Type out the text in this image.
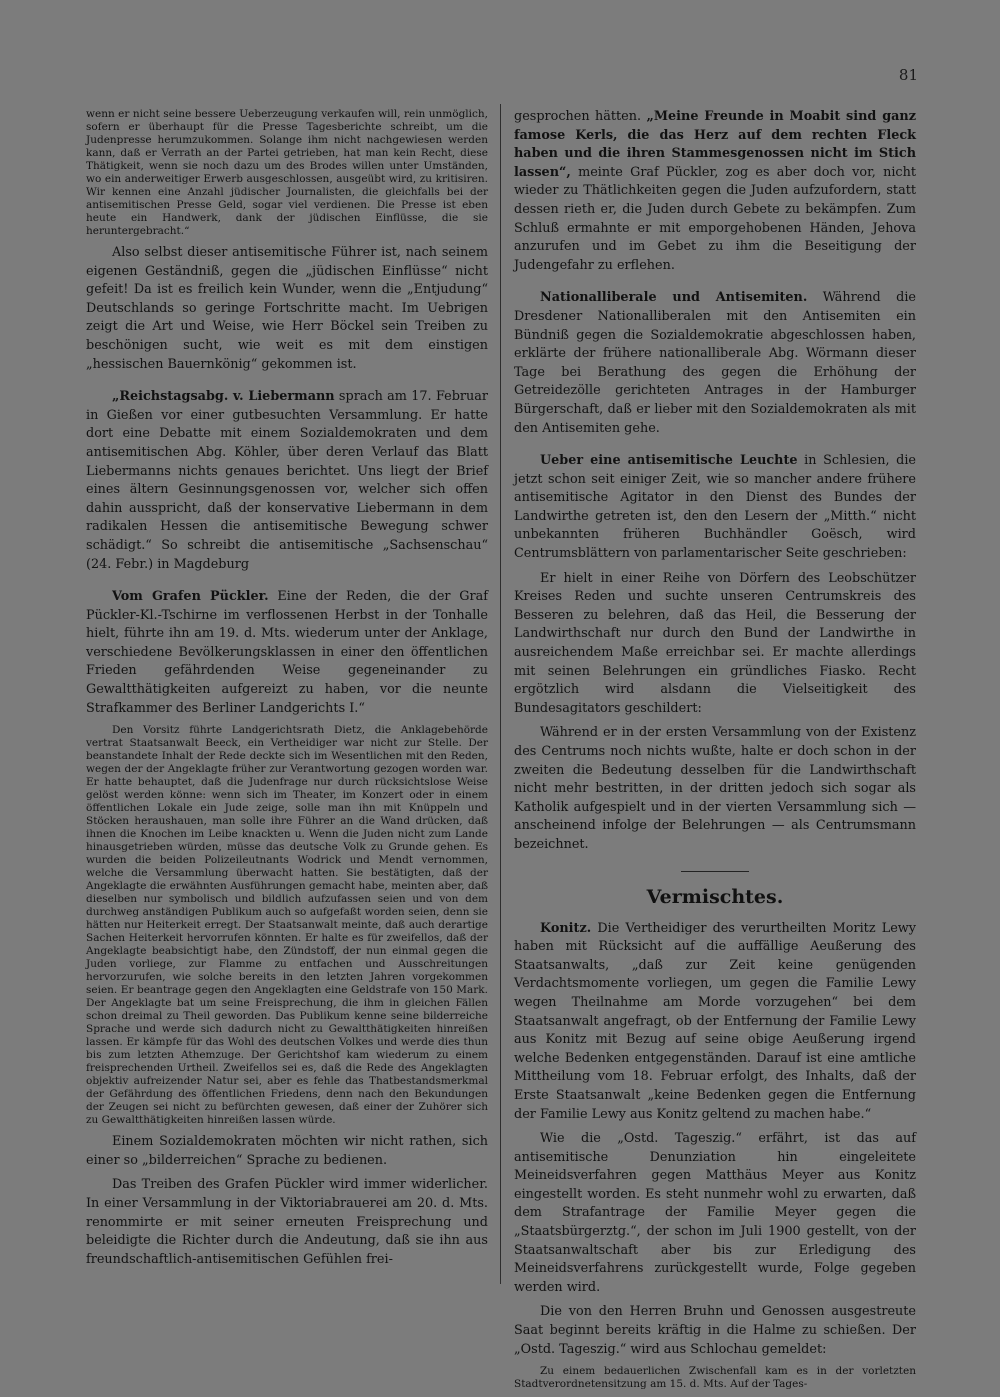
81

wenn er nicht seine bessere Ueberzeugung verkaufen will, rein unmöglich, sofern er überhaupt für die Presse Tagesberichte schreibt, um die Judenpresse herumzukommen. Solange ihm nicht nachgewiesen werden kann, daß er Verrath an der Partei getrieben, hat man kein Recht, diese Thätigkeit, wenn sie noch dazu um des Brodes willen unter Umständen, wo ein anderweitiger Erwerb ausgeschlossen, ausgeübt wird, zu kritisiren. Wir kennen eine Anzahl jüdischer Journalisten, die gleichfalls bei der antisemitischen Presse Geld, sogar viel verdienen. Die Presse ist eben heute ein Handwerk, dank der jüdischen Einflüsse, die sie heruntergebracht.“

Also selbst dieser antisemitische Führer ist, nach seinem eigenen Geständniß, gegen die „jüdischen Einflüsse“ nicht gefeit! Da ist es freilich kein Wunder, wenn die „Entjudung“ Deutschlands so geringe Fortschritte macht. Im Uebrigen zeigt die Art und Weise, wie Herr Böckel sein Treiben zu beschönigen sucht, wie weit es mit dem einstigen „hessischen Bauernkönig“ gekommen ist.

„Reichstagsabg. v. Liebermann sprach am 17. Februar in Gießen vor einer gutbesuchten Versammlung. Er hatte dort eine Debatte mit einem Sozialdemokraten und dem antisemitischen Abg. Köhler, über deren Verlauf das Blatt Liebermanns nichts genaues berichtet. Uns liegt der Brief eines ältern Gesinnungsgenossen vor, welcher sich offen dahin ausspricht, daß der konservative Liebermann in dem radikalen Hessen die antisemitische Bewegung schwer schädigt.“ So schreibt die antisemitische „Sachsenschau“ (24. Febr.) in Magdeburg

Vom Grafen Pückler. Eine der Reden, die der Graf Pückler-Kl.-Tschirne im verflossenen Herbst in der Tonhalle hielt, führte ihn am 19. d. Mts. wiederum unter der Anklage, verschiedene Bevölkerungsklassen in einer den öffentlichen Frieden gefährdenden Weise gegeneinander zu Gewaltthätigkeiten aufgereizt zu haben, vor die neunte Strafkammer des Berliner Landgerichts I.“

Den Vorsitz führte Landgerichtsrath Dietz, die Anklagebehörde vertrat Staatsanwalt Beeck, ein Vertheidiger war nicht zur Stelle. Der beanstandete Inhalt der Rede deckte sich im Wesentlichen mit den Reden, wegen der der Angeklagte früher zur Verantwortung gezogen worden war. Er hatte behauptet, daß die Judenfrage nur durch rücksichtslose Weise gelöst werden könne: wenn sich im Theater, im Konzert oder in einem öffentlichen Lokale ein Jude zeige, solle man ihn mit Knüppeln und Stöcken heraushauen, man solle ihre Führer an die Wand drücken, daß ihnen die Knochen im Leibe knackten u. Wenn die Juden nicht zum Lande hinausgetrieben würden, müsse das deutsche Volk zu Grunde gehen. Es wurden die beiden Polizeileutnants Wodrick und Mendt vernommen, welche die Versammlung überwacht hatten. Sie bestätigten, daß der Angeklagte die erwähnten Ausführungen gemacht habe, meinten aber, daß dieselben nur symbolisch und bildlich aufzufassen seien und von dem durchweg anständigen Publikum auch so aufgefaßt worden seien, denn sie hätten nur Heiterkeit erregt. Der Staatsanwalt meinte, daß auch derartige Sachen Heiterkeit hervorrufen könnten. Er halte es für zweifellos, daß der Angeklagte beabsichtigt habe, den Zündstoff, der nun einmal gegen die Juden vorliege, zur Flamme zu entfachen und Ausschreitungen hervorzurufen, wie solche bereits in den letzten Jahren vorgekommen seien. Er beantrage gegen den Angeklagten eine Geldstrafe von 150 Mark. Der Angeklagte bat um seine Freisprechung, die ihm in gleichen Fällen schon dreimal zu Theil geworden. Das Publikum kenne seine bilderreiche Sprache und werde sich dadurch nicht zu Gewaltthätigkeiten hinreißen lassen. Er kämpfe für das Wohl des deutschen Volkes und werde dies thun bis zum letzten Athemzuge. Der Gerichtshof kam wiederum zu einem freisprechenden Urtheil. Zweifellos sei es, daß die Rede des Angeklagten objektiv aufreizender Natur sei, aber es fehle das Thatbestandsmerkmal der Gefährdung des öffentlichen Friedens, denn nach den Bekundungen der Zeugen sei nicht zu befürchten gewesen, daß einer der Zuhörer sich zu Gewaltthätigkeiten hinreißen lassen würde.

Einem Sozialdemokraten möchten wir nicht rathen, sich einer so „bilderreichen“ Sprache zu bedienen.

Das Treiben des Grafen Pückler wird immer widerlicher. In einer Versammlung in der Viktoriabrauerei am 20. d. Mts. renommirte er mit seiner erneuten Freisprechung und beleidigte die Richter durch die Andeutung, daß sie ihn aus freundschaftlich-antisemitischen Gefühlen frei-

gesprochen hätten. „Meine Freunde in Moabit sind ganz famose Kerls, die das Herz auf dem rechten Fleck haben und die ihren Stammesgenossen nicht im Stich lassen“, meinte Graf Pückler, zog es aber doch vor, nicht wieder zu Thätlichkeiten gegen die Juden aufzufordern, statt dessen rieth er, die Juden durch Gebete zu bekämpfen. Zum Schluß ermahnte er mit emporgehobenen Händen, Jehova anzurufen und im Gebet zu ihm die Beseitigung der Judengefahr zu erflehen.

Nationalliberale und Antisemiten. Während die Dresdener Nationalliberalen mit den Antisemiten ein Bündniß gegen die Sozialdemokratie abgeschlossen haben, erklärte der frühere nationalliberale Abg. Wörmann dieser Tage bei Berathung des gegen die Erhöhung der Getreidezölle gerichteten Antrages in der Hamburger Bürgerschaft, daß er lieber mit den Sozialdemokraten als mit den Antisemiten gehe.

Ueber eine antisemitische Leuchte in Schlesien, die jetzt schon seit einiger Zeit, wie so mancher andere frühere antisemitische Agitator in den Dienst des Bundes der Landwirthe getreten ist, den den Lesern der „Mitth.“ nicht unbekannten früheren Buchhändler Goësch, wird Centrumsblättern von parlamentarischer Seite geschrieben:

Er hielt in einer Reihe von Dörfern des Leobschützer Kreises Reden und suchte unseren Centrumskreis des Besseren zu belehren, daß das Heil, die Besserung der Landwirthschaft nur durch den Bund der Landwirthe in ausreichendem Maße erreichbar sei. Er machte allerdings mit seinen Belehrungen ein gründliches Fiasko. Recht ergötzlich wird alsdann die Vielseitigkeit des Bundesagitators geschildert:

Während er in der ersten Versammlung von der Existenz des Centrums noch nichts wußte, halte er doch schon in der zweiten die Bedeutung desselben für die Landwirthschaft nicht mehr bestritten, in der dritten jedoch sich sogar als Katholik aufgespielt und in der vierten Versammlung sich — anscheinend infolge der Belehrungen — als Centrumsmann bezeichnet.

Vermischtes.

Konitz. Die Vertheidiger des verurtheilten Moritz Lewy haben mit Rücksicht auf die auffällige Aeußerung des Staatsanwalts, „daß zur Zeit keine genügenden Verdachtsmomente vorliegen, um gegen die Familie Lewy wegen Theilnahme am Morde vorzugehen“ bei dem Staatsanwalt angefragt, ob der Entfernung der Familie Lewy aus Konitz mit Bezug auf seine obige Aeußerung irgend welche Bedenken entgegenständen. Darauf ist eine amtliche Mittheilung vom 18. Februar erfolgt, des Inhalts, daß der Erste Staatsanwalt „keine Bedenken gegen die Entfernung der Familie Lewy aus Konitz geltend zu machen habe.“

Wie die „Ostd. Tageszig.“ erfährt, ist das auf antisemitische Denunziation hin eingeleitete Meineidsverfahren gegen Matthäus Meyer aus Konitz eingestellt worden. Es steht nunmehr wohl zu erwarten, daß dem Strafantrage der Familie Meyer gegen die „Staatsbürgerztg.“, der schon im Juli 1900 gestellt, von der Staatsanwaltschaft aber bis zur Erledigung des Meineidsverfahrens zurückgestellt wurde, Folge gegeben werden wird.

Die von den Herren Bruhn und Genossen ausgestreute Saat beginnt bereits kräftig in die Halme zu schießen. Der „Ostd. Tageszig.“ wird aus Schlochau gemeldet:

Zu einem bedauerlichen Zwischenfall kam es in der vorletzten Stadtverordnetensitzung am 15. d. Mts. Auf der Tages-
